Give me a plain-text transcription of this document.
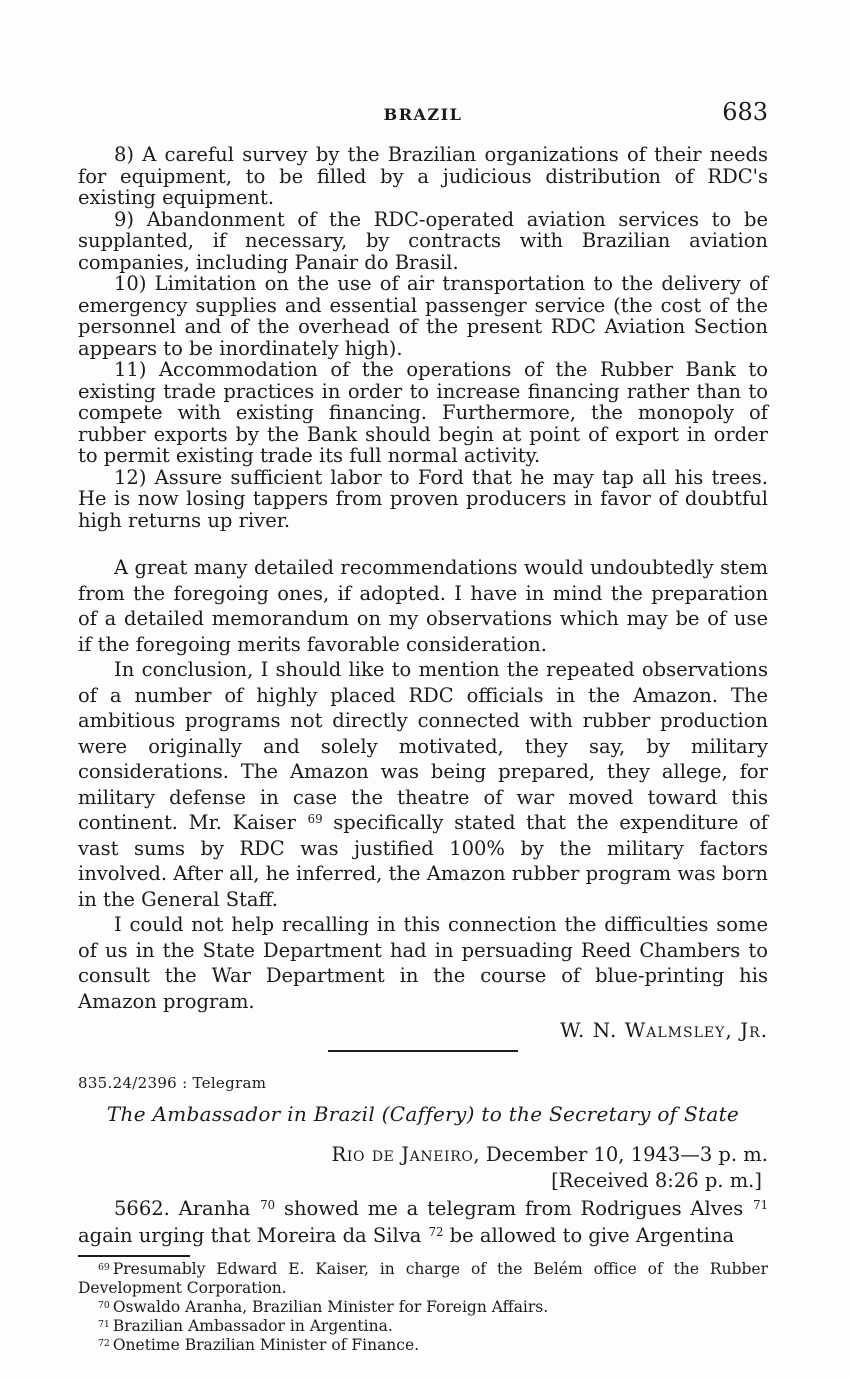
BRAZIL	683

8) A careful survey by the Brazilian organizations of their needs for equipment, to be filled by a judicious distribution of RDC's existing equipment.

9) Abandonment of the RDC-operated aviation services to be supplanted, if necessary, by contracts with Brazilian aviation companies, including Panair do Brasil.

10) Limitation on the use of air transportation to the delivery of emergency supplies and essential passenger service (the cost of the personnel and of the overhead of the present RDC Aviation Section appears to be inordinately high).

11) Accommodation of the operations of the Rubber Bank to existing trade practices in order to increase financing rather than to compete with existing financing. Furthermore, the monopoly of rubber exports by the Bank should begin at point of export in order to permit existing trade its full normal activity.

12) Assure sufficient labor to Ford that he may tap all his trees. He is now losing tappers from proven producers in favor of doubtful high returns up river.

A great many detailed recommendations would undoubtedly stem from the foregoing ones, if adopted. I have in mind the preparation of a detailed memorandum on my observations which may be of use if the foregoing merits favorable consideration.

In conclusion, I should like to mention the repeated observations of a number of highly placed RDC officials in the Amazon. The ambitious programs not directly connected with rubber production were originally and solely motivated, they say, by military considerations. The Amazon was being prepared, they allege, for military defense in case the theatre of war moved toward this continent. Mr. Kaiser $^{69}$ specifically stated that the expenditure of vast sums by RDC was justified 100% by the military factors involved. After all, he inferred, the Amazon rubber program was born in the General Staff.

I could not help recalling in this connection the difficulties some of us in the State Department had in persuading Reed Chambers to consult the War Department in the course of blue-printing his Amazon program.

W. N. Walmsley, Jr.
835.24/2396 : Telegram
The Ambassador in Brazil (Caffery) to the Secretary of State
Rio de Janeiro, December 10, 1943—3 p. m.
[Received 8:26 p. m.]

5662. Aranha $^{70}$ showed me a telegram from Rodrigues Alves $^{71}$ again urging that Moreira da Silva $^{72}$ be allowed to give Argentina

$^{69}$ Presumably Edward E. Kaiser, in charge of the Belém office of the Rubber Development Corporation.

$^{70}$ Oswaldo Aranha, Brazilian Minister for Foreign Affairs.

$^{71}$ Brazilian Ambassador in Argentina.

$^{72}$ Onetime Brazilian Minister of Finance.
